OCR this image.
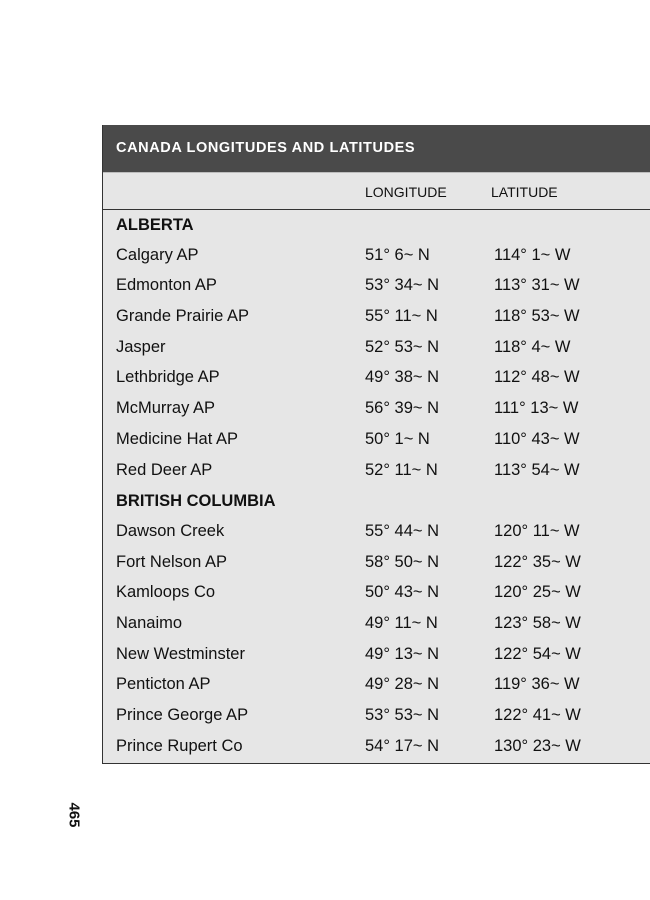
CANADA LONGITUDES AND LATITUDES
LONGITUDE	LATITUDE
ALBERTA
Calgary AP	51° 6~ N	114° 1~ W
Edmonton AP	53° 34~ N	113° 31~ W
Grande Prairie AP	55° 11~ N	118° 53~ W
Jasper	52° 53~ N	118° 4~ W
Lethbridge AP	49° 38~ N	112° 48~ W
McMurray AP	56° 39~ N	111° 13~ W
Medicine Hat AP	50° 1~ N	110° 43~ W
Red Deer AP	52° 11~ N	113° 54~ W
BRITISH COLUMBIA
Dawson Creek	55° 44~ N	120° 11~ W
Fort Nelson AP	58° 50~ N	122° 35~ W
Kamloops Co	50° 43~ N	120° 25~ W
Nanaimo	49° 11~ N	123° 58~ W
New Westminster	49° 13~ N	122° 54~ W
Penticton AP	49° 28~ N	119° 36~ W
Prince George AP	53° 53~ N	122° 41~ W
Prince Rupert Co	54° 17~ N	130° 23~ W
465
